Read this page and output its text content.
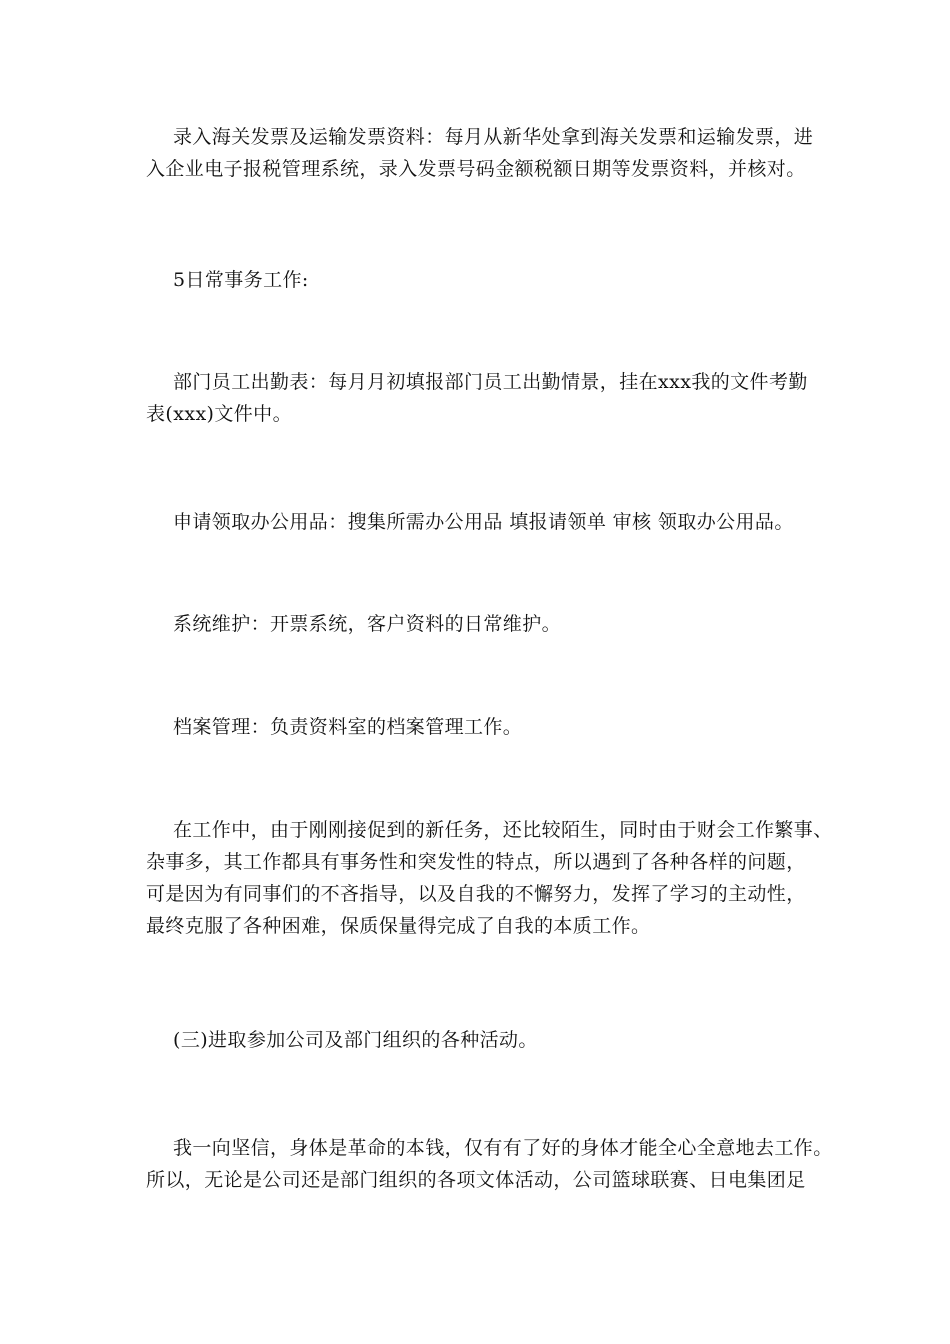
录入海关发票及运输发票资料：每月从新华处拿到海关发票和运输发票，进
入企业电子报税管理系统，录入发票号码金额税额日期等发票资料，并核对。

5日常事务工作:

部门员工出勤表：每月月初填报部门员工出勤情景，挂在xxx我的文件考勤
表(xxx)文件中。

申请领取办公用品：搜集所需办公用品 填报请领单 审核 领取办公用品。

系统维护：开票系统，客户资料的日常维护。

档案管理：负责资料室的档案管理工作。

在工作中，由于刚刚接促到的新任务，还比较陌生，同时由于财会工作繁事、
杂事多，其工作都具有事务性和突发性的特点，所以遇到了各种各样的问题，
可是因为有同事们的不吝指导，以及自我的不懈努力，发挥了学习的主动性，
最终克服了各种困难，保质保量得完成了自我的本质工作。

(三)进取参加公司及部门组织的各种活动。

我一向坚信，身体是革命的本钱，仅有有了好的身体才能全心全意地去工作。
所以，无论是公司还是部门组织的各项文体活动，公司篮球联赛、日电集团足
